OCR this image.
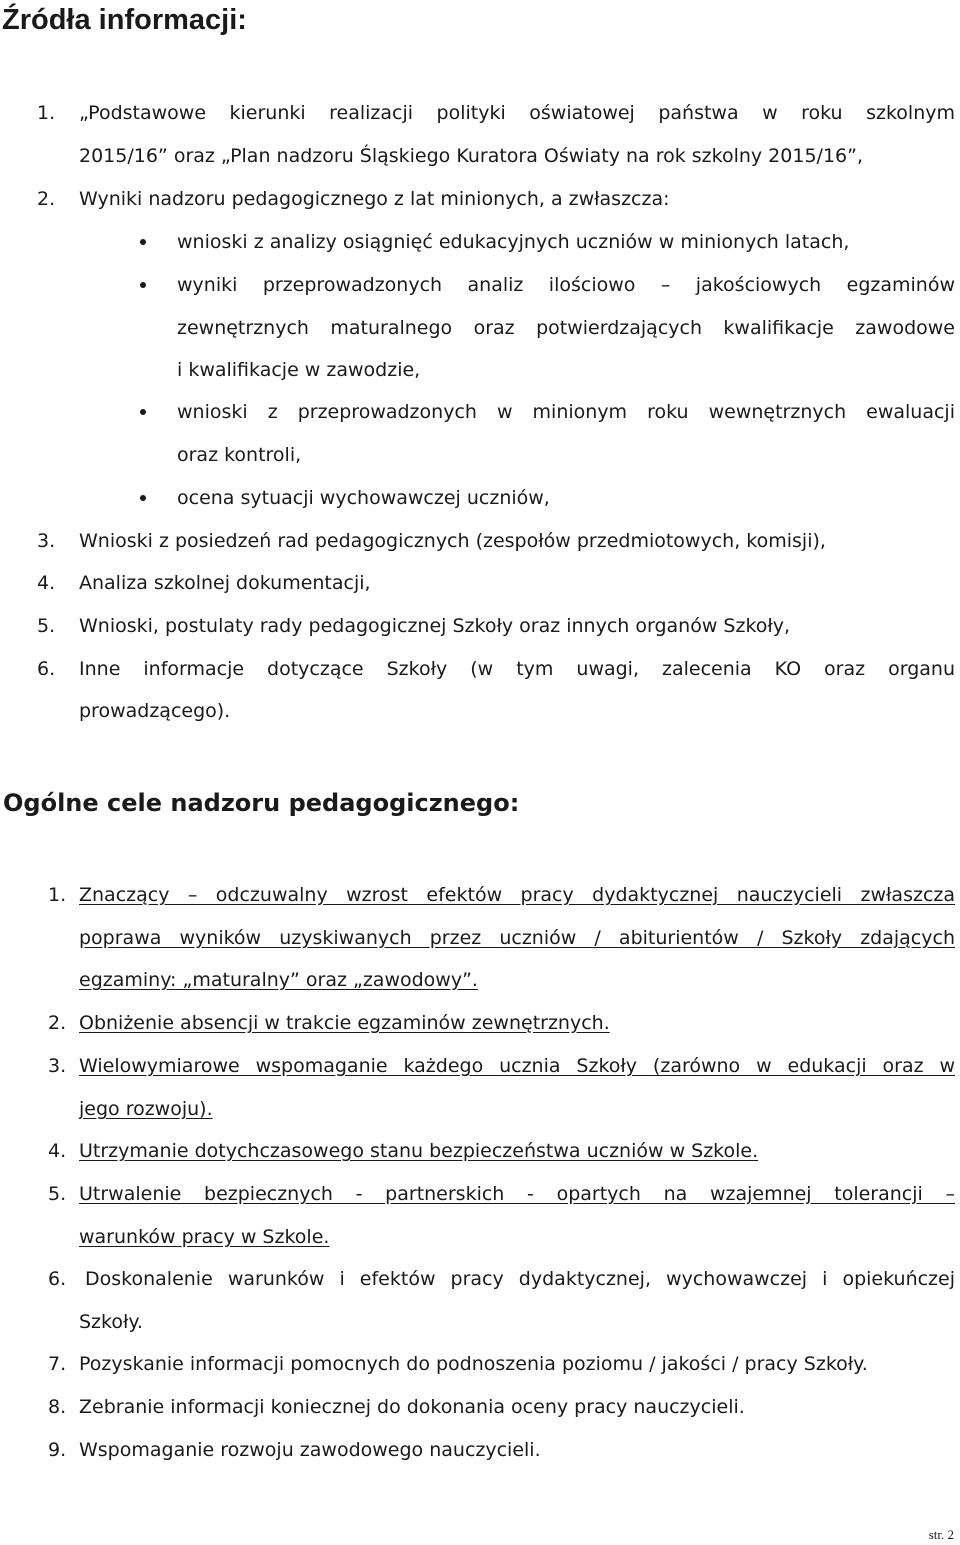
Źródła informacji:
1. „Podstawowe kierunki realizacji polityki oświatowej państwa w roku szkolnym
2015/16” oraz „Plan nadzoru Śląskiego Kuratora Oświaty na rok szkolny 2015/16”,
2. Wyniki nadzoru pedagogicznego z lat minionych, a zwłaszcza:
wnioski z analizy osiągnięć edukacyjnych uczniów w minionych latach,
wyniki przeprowadzonych analiz ilościowo – jakościowych egzaminów
zewnętrznych maturalnego oraz potwierdzających kwalifikacje zawodowe
i kwalifikacje w zawodzie,
wnioski z przeprowadzonych w minionym roku wewnętrznych ewaluacji
oraz kontroli,
ocena sytuacji wychowawczej uczniów,
3. Wnioski z posiedzeń rad pedagogicznych (zespołów przedmiotowych, komisji),
4. Analiza szkolnej dokumentacji,
5. Wnioski, postulaty rady pedagogicznej Szkoły oraz innych organów Szkoły,
6. Inne informacje dotyczące Szkoły (w tym uwagi, zalecenia KO oraz organu
prowadzącego).
Ogólne cele nadzoru pedagogicznego:
1. Znaczący – odczuwalny wzrost efektów pracy dydaktycznej nauczycieli zwłaszcza
poprawa wyników uzyskiwanych przez uczniów / abiturientów / Szkoły zdających
egzaminy: „maturalny” oraz „zawodowy”.
2. Obniżenie absencji w trakcie egzaminów zewnętrznych.
3. Wielowymiarowe wspomaganie każdego ucznia Szkoły (zarówno w edukacji oraz w
jego rozwoju).
4. Utrzymanie dotychczasowego stanu bezpieczeństwa uczniów w Szkole.
5. Utrwalenie bezpiecznych - partnerskich - opartych na wzajemnej tolerancji –
warunków pracy w Szkole.
6. Doskonalenie warunków i efektów pracy dydaktycznej, wychowawczej i opiekuńczej
Szkoły.
7. Pozyskanie informacji pomocnych do podnoszenia poziomu / jakości / pracy Szkoły.
8. Zebranie informacji koniecznej do dokonania oceny pracy nauczycieli.
9. Wspomaganie rozwoju zawodowego nauczycieli.
str. 2
